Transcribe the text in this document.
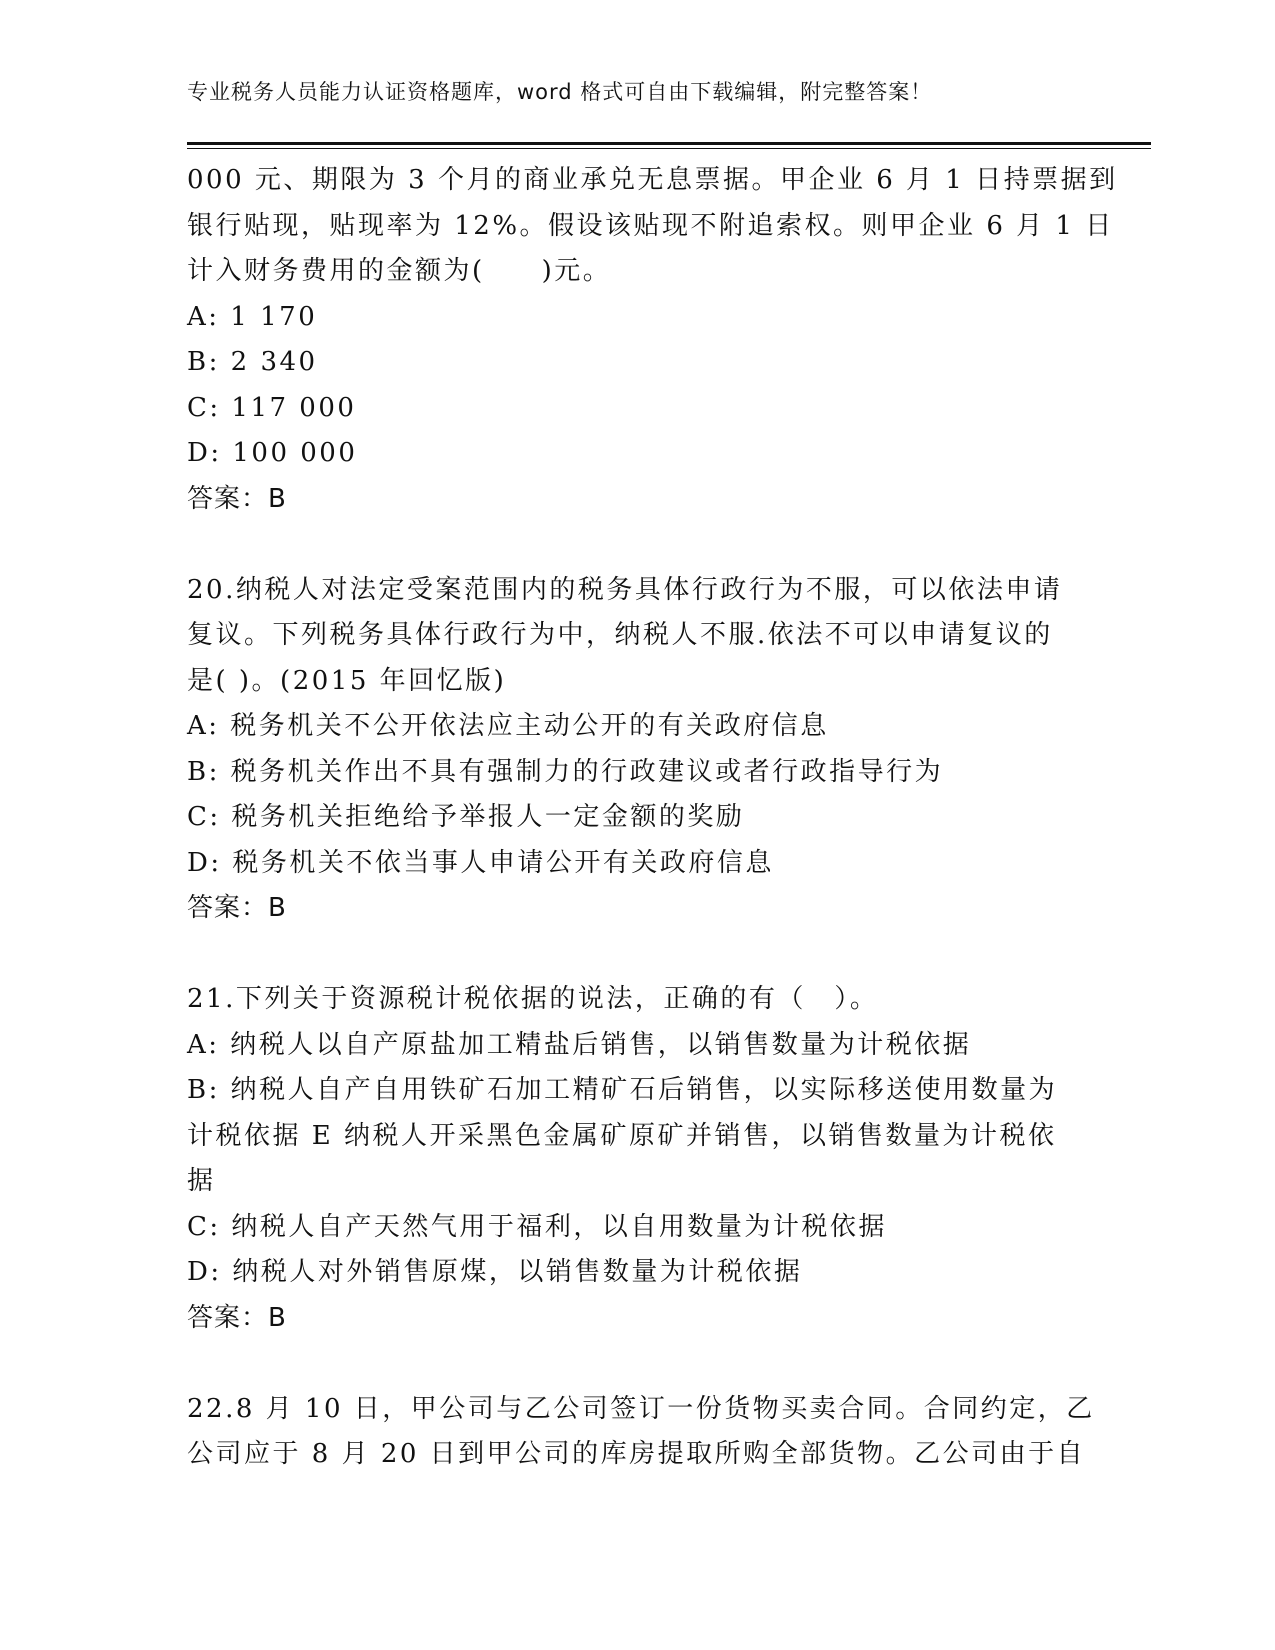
专业税务人员能力认证资格题库，word 格式可自由下载编辑，附完整答案！
000 元、期限为 3 个月的商业承兑无息票据。甲企业 6 月 1 日持票据到
银行贴现，贴现率为 12%。假设该贴现不附追索权。则甲企业 6 月 1 日
计入财务费用的金额为(　　)元。
A: 1 170
B: 2 340
C: 117 000
D: 100 000
答案：B
20.纳税人对法定受案范围内的税务具体行政行为不服，可以依法申请
复议。下列税务具体行政行为中，纳税人不服.依法不可以申请复议的
是( )。(2015 年回忆版)
A: 税务机关不公开依法应主动公开的有关政府信息
B: 税务机关作出不具有强制力的行政建议或者行政指导行为
C: 税务机关拒绝给予举报人一定金额的奖励
D: 税务机关不依当事人申请公开有关政府信息
答案：B
21.下列关于资源税计税依据的说法，正确的有（　）。
A: 纳税人以自产原盐加工精盐后销售，以销售数量为计税依据
B: 纳税人自产自用铁矿石加工精矿石后销售，以实际移送使用数量为
计税依据 E 纳税人开采黑色金属矿原矿并销售，以销售数量为计税依
据
C: 纳税人自产天然气用于福利，以自用数量为计税依据
D: 纳税人对外销售原煤，以销售数量为计税依据
答案：B
22.8 月 10 日，甲公司与乙公司签订一份货物买卖合同。合同约定，乙
公司应于 8 月 20 日到甲公司的库房提取所购全部货物。乙公司由于自
